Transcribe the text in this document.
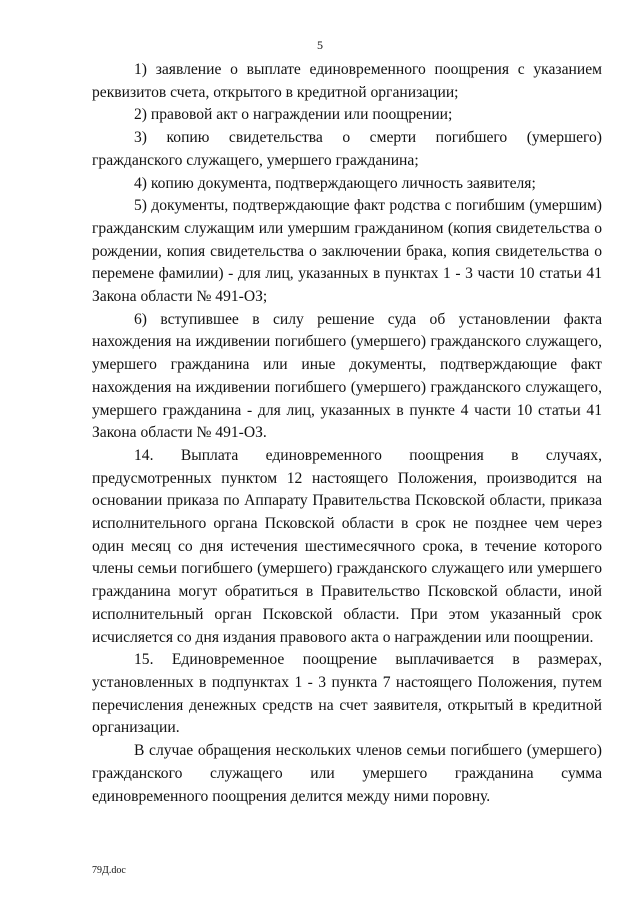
5

1) заявление о выплате единовременного поощрения с указанием реквизитов счета, открытого в кредитной организации;

2) правовой акт о награждении или поощрении;

3) копию свидетельства о смерти погибшего (умершего) гражданского служащего, умершего гражданина;

4) копию документа, подтверждающего личность заявителя;

5) документы, подтверждающие факт родства с погибшим (умершим) гражданским служащим или умершим гражданином (копия свидетельства о рождении, копия свидетельства о заключении брака, копия свидетельства о перемене фамилии) - для лиц, указанных в пунктах 1 - 3 части 10 статьи 41 Закона области № 491-ОЗ;

6) вступившее в силу решение суда об установлении факта нахождения на иждивении погибшего (умершего) гражданского служащего, умершего гражданина или иные документы, подтверждающие факт нахождения на иждивении погибшего (умершего) гражданского служащего, умершего гражданина - для лиц, указанных в пункте 4 части 10 статьи 41 Закона области № 491-ОЗ.

14. Выплата единовременного поощрения в случаях, предусмотренных пунктом 12 настоящего Положения, производится на основании приказа по Аппарату Правительства Псковской области, приказа исполнительного органа Псковской области в срок не позднее чем через один месяц со дня истечения шестимесячного срока, в течение которого члены семьи погибшего (умершего) гражданского служащего или умершего гражданина могут обратиться в Правительство Псковской области, иной исполнительный орган Псковской области. При этом указанный срок исчисляется со дня издания правового акта о награждении или поощрении.

15. Единовременное поощрение выплачивается в размерах, установленных в подпунктах 1 - 3 пункта 7 настоящего Положения, путем перечисления денежных средств на счет заявителя, открытый в кредитной организации.

В случае обращения нескольких членов семьи погибшего (умершего) гражданского служащего или умершего гражданина сумма единовременного поощрения делится между ними поровну.

79Д.doc
